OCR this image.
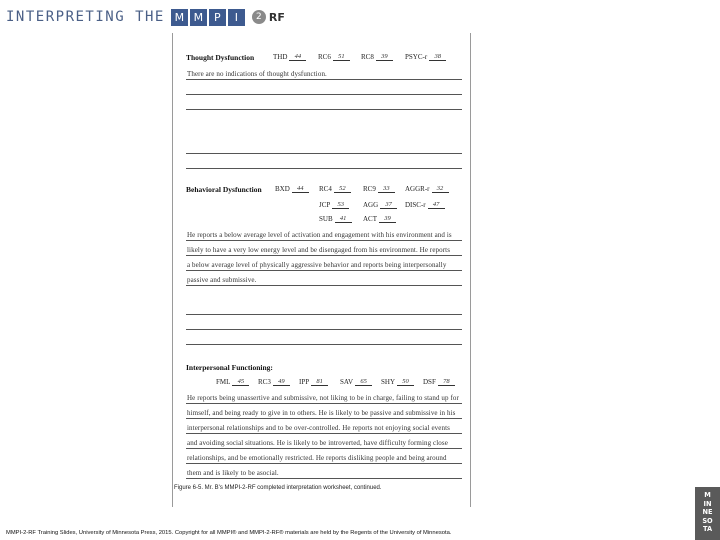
INTERPRETING THE M M P	I	2 RF
Thought Dysfunction	THD	44	RC6	51	RC8	39	PSYC-r	38
There are no indications of thought dysfunction.
Behavioral Dysfunction BXD	44	RC4	52	RC9	33	AGGR-r	32
JCP	53	AGG	37	DISC-r	47
SUB	41	ACT	39
He reports a below average level of activation and engagement with his environment and is
likely to have a very low energy level and be disengaged from his environment. He reports
a below average level of physically aggressive behavior and reports being interpersonally
passive and submissive.
Interpersonal Functioning:
FML	45	RC3	49	IPP	81	SAV	65	SHY	50	DSF	78
He reports being unassertive and submissive, not liking to be in charge, failing to stand up for
himself, and being ready to give in to others. He is likely to be passive and submissive in his
interpersonal relationships and to be over-controlled. He reports not enjoying social events
and avoiding social situations. He is likely to be introverted, have difficulty forming close
relationships, and be emotionally restricted. He reports disliking people and being around
them and is likely to be asocial.
Figure 6-5. Mr. B's MMPI-2-RF completed interpretation worksheet, continued.
MMPI-2-RF Training Slides, University of Minnesota Press, 2015. Copyright for all MMPI® and MMPI-2-RF® materials are held by the Regents of the University of Minnesota.
M
IN
NE
SO
TA
